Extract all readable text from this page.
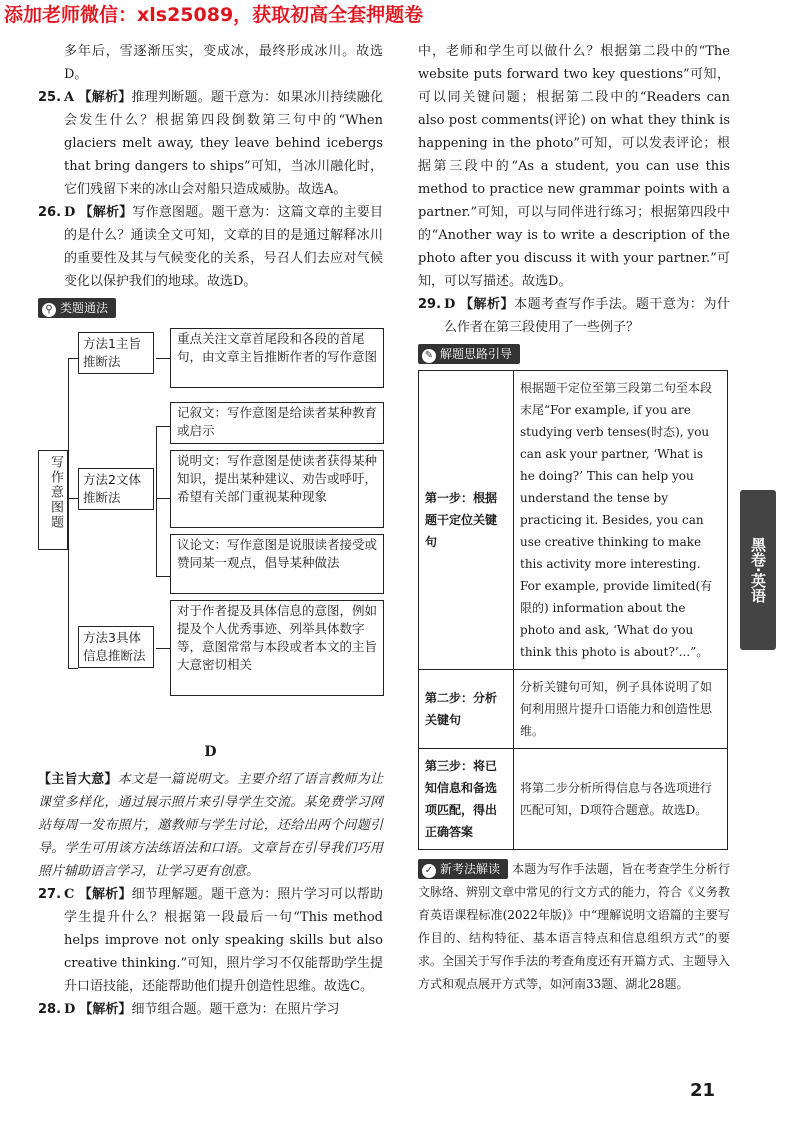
添加老师微信：xls25089，获取初高全套押题卷

多年后，雪逐渐压实，变成冰，最终形成冰川。故选D。

25. A 【解析】推理判断题。题干意为：如果冰川持续融化会发生什么？根据第四段倒数第三句中的“When glaciers melt away, they leave behind icebergs that bring dangers to ships”可知，当冰川融化时，它们残留下来的冰山会对船只造成威胁。故选A。

26. D 【解析】写作意图题。题干意为：这篇文章的主要目的是什么？通读全文可知，文章的目的是通过解释冰川的重要性及其与气候变化的关系，号召人们去应对气候变化以保护我们的地球。故选D。

⚲ 类题通法
写作意图题
方法1主旨推断法
重点关注文章首尾段和各段的首尾句，由文章主旨推断作者的写作意图
方法2文体推断法
记叙文：写作意图是给读者某种教育或启示
说明文：写作意图是使读者获得某种知识，提出某种建议、劝告或呼吁，希望有关部门重视某种现象
议论文：写作意图是说服读者接受或赞同某一观点，倡导某种做法
方法3具体信息推断法
对于作者提及具体信息的意图，例如提及个人优秀事迹、列举具体数字等，意图常常与本段或者本文的主旨大意密切相关
D

【主旨大意】本文是一篇说明文。主要介绍了语言教师为让课堂多样化，通过展示照片来引导学生交流。某免费学习网站每周一发布照片，邀教师与学生讨论，还给出两个问题引导。学生可用该方法练语法和口语。文章旨在引导我们巧用照片辅助语言学习，让学习更有创意。

27. C 【解析】细节理解题。题干意为：照片学习可以帮助学生提升什么？根据第一段最后一句“This method helps improve not only speaking skills but also creative thinking.”可知，照片学习不仅能帮助学生提升口语技能，还能帮助他们提升创造性思维。故选C。

28. D 【解析】细节组合题。题干意为：在照片学习

中，老师和学生可以做什么？根据第二段中的“The website puts forward two key questions”可知，可以同关键问题；根据第二段中的“Readers can also post comments(评论) on what they think is happening in the photo”可知，可以发表评论；根据第三段中的“As a student, you can use this method to practice new grammar points with a partner.”可知，可以与同伴进行练习；根据第四段中的“Another way is to write a description of the photo after you discuss it with your partner.”可知，可以写描述。故选D。

29. D 【解析】本题考查写作手法。题干意为：为什么作者在第三段使用了一些例子？

✎ 解题思路引导
第一步：根据题干定位关键句	根据题干定位至第三段第二句至本段末尾“For example, if you are studying verb tenses(时态), you can ask your partner, ‘What is he doing?’ This can help you understand the tense by practicing it. Besides, you can use creative thinking to make this activity more interesting. For example, provide limited(有限的) information about the photo and ask, ‘What do you think this photo is about?’...”。
第二步：分析关键句	分析关键句可知，例子具体说明了如何利用照片提升口语能力和创造性思维。
第三步：将已知信息和备选项匹配，得出正确答案	将第二步分析所得信息与各选项进行匹配可知，D项符合题意。故选D。

✓ 新考法解读 本题为写作手法题，旨在考查学生分析行文脉络、辨别文章中常见的行文方式的能力，符合《义务教育英语课程标准(2022年版)》中“理解说明文语篇的主要写作目的、结构特征、基本语言特点和信息组织方式”的要求。全国关于写作手法的考查角度还有开篇方式、主题导入方式和观点展开方式等，如河南33题、湖北28题。

黑卷·英语
21
